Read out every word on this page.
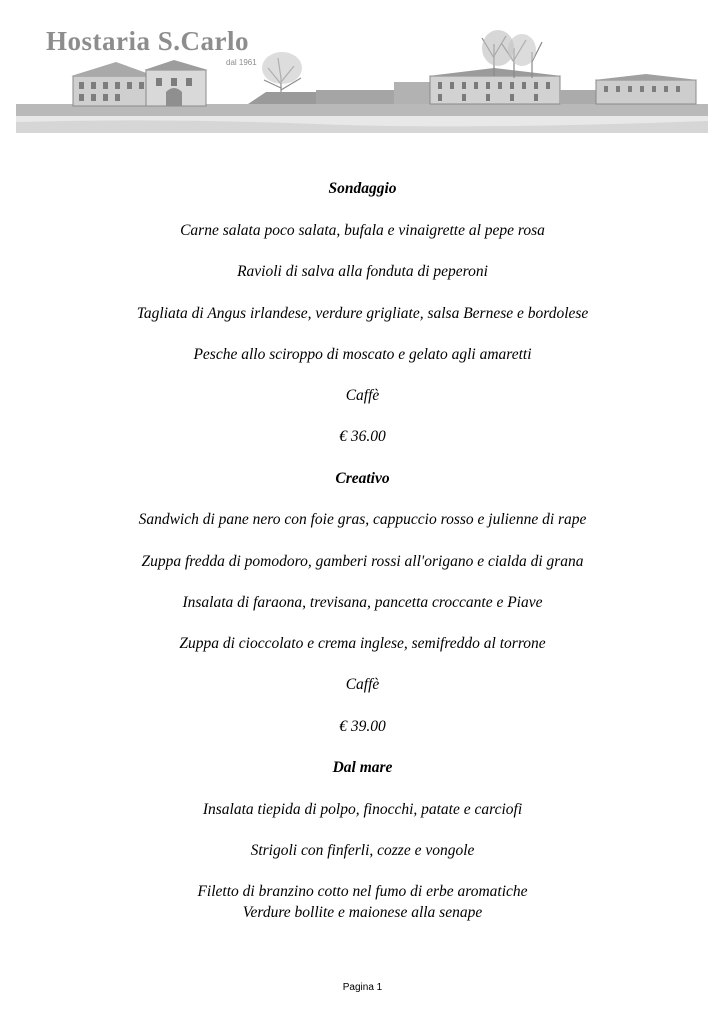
Hostaria S.Carlo
dal 1961
Sondaggio
Carne salata poco salata, bufala e vinaigrette al pepe rosa
Ravioli di salva alla fonduta di peperoni
Tagliata di Angus irlandese, verdure grigliate, salsa Bernese e bordolese
Pesche allo sciroppo di moscato e gelato agli amaretti
Caffè
€ 36.00
Creativo
Sandwich di pane nero con foie gras, cappuccio rosso e julienne di rape
Zuppa fredda di pomodoro, gamberi rossi all'origano e cialda di grana
Insalata di faraona, trevisana, pancetta croccante e Piave
Zuppa di cioccolato e crema inglese, semifreddo al torrone
Caffè
€ 39.00
Dal mare
Insalata tiepida di polpo, finocchi, patate e carciofi
Strigoli con finferli, cozze e vongole
Filetto di branzino cotto nel fumo di erbe aromatiche
Verdure bollite e maionese alla senape
Pagina 1
